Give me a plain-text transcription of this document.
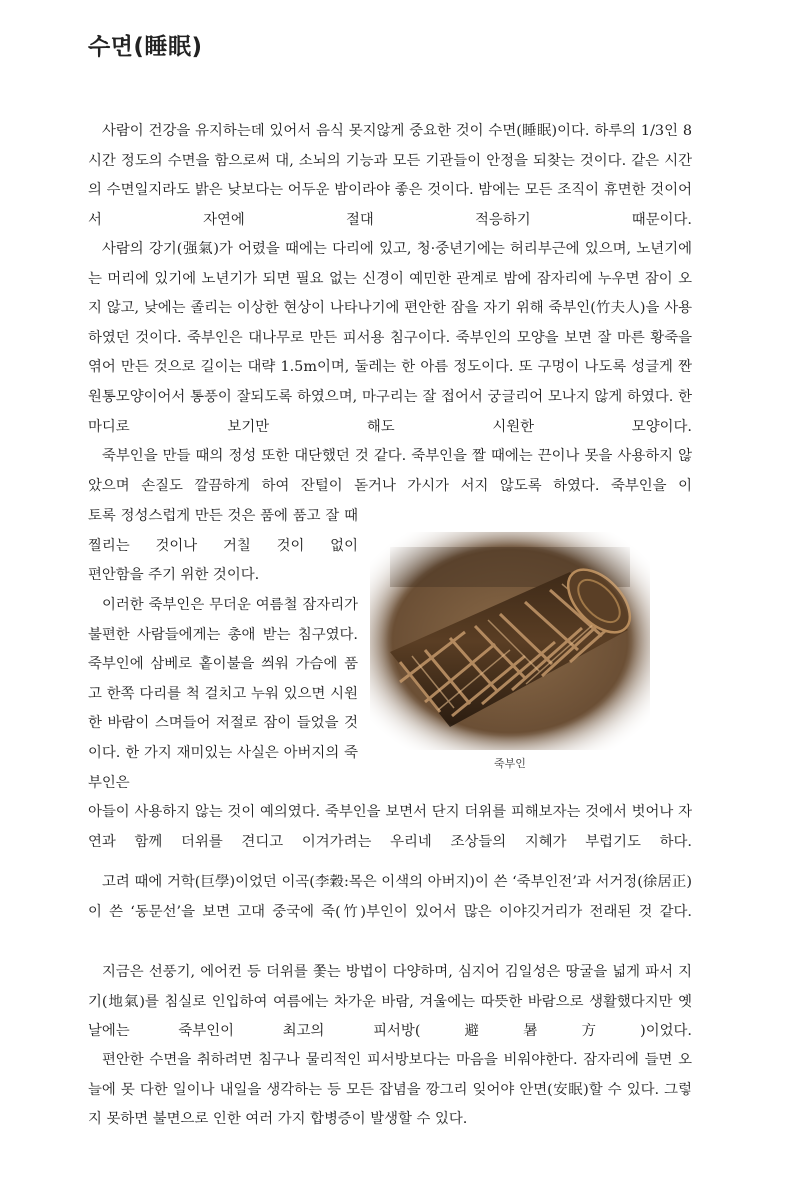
수면(睡眠)

사람이 건강을 유지하는데 있어서 음식 못지않게 중요한 것이 수면(睡眠)이다. 하루의 1/3인 8시간 정도의 수면을 함으로써 대, 소뇌의 기능과 모든 기관들이 안정을 되찾는 것이다. 같은 시간의 수면일지라도 밝은 낮보다는 어두운 밤이라야 좋은 것이다. 밤에는 모든 조직이 휴면한 것이어서 자연에 절대 적응하기 때문이다.

사람의 강기(强氣)가 어렸을 때에는 다리에 있고, 청·중년기에는 허리부근에 있으며, 노년기에는 머리에 있기에 노년기가 되면 필요 없는 신경이 예민한 관계로 밤에 잠자리에 누우면 잠이 오지 않고, 낮에는 졸리는 이상한 현상이 나타나기에 편안한 잠을 자기 위해 죽부인(竹夫人)을 사용하였던 것이다. 죽부인은 대나무로 만든 피서용 침구이다. 죽부인의 모양을 보면 잘 마른 황죽을 엮어 만든 것으로 길이는 대략 1.5m이며, 둘레는 한 아름 정도이다. 또 구멍이 나도록 성글게 짠 원통모양이어서 통풍이 잘되도록 하였으며, 마구리는 잘 접어서 궁글리어 모나지 않게 하였다. 한마디로 보기만 해도 시원한 모양이다.

죽부인을 만들 때의 정성 또한 대단했던 것 같다. 죽부인을 짤 때에는 끈이나 못을 사용하지 않았으며 손질도 깔끔하게 하여 잔털이 돋거나 가시가 서지 않도록 하였다. 죽부인을 이

토록 정성스럽게 만든 것은 품에 품고 잘 때 찔리는 것이나 거칠 것이 없이

편안함을 주기 위한 것이다.

이러한 죽부인은 무더운 여름철 잠자리가 불편한 사람들에게는 총애 받는 침구였다. 죽부인에 삼베로 홑이불을 씌워 가슴에 품고 한쪽 다리를 척 걸치고 누워 있으면 시원한 바람이 스며들어 저절로 잠이 들었을 것이다. 한 가지 재미있는 사실은 아버지의 죽부인은

죽부인

아들이 사용하지 않는 것이 예의였다. 죽부인을 보면서 단지 더위를 피해보자는 것에서 벗어나 자연과 함께 더위를 견디고 이겨가려는 우리네 조상들의 지혜가 부럽기도 하다.

고려 때에 거학(巨學)이었던 이곡(李穀:목은 이색의 아버지)이 쓴 ‘죽부인전’과 서거정(徐居正)이 쓴 ‘동문선’을 보면 고대 중국에 죽(竹)부인이 있어서 많은 이야깃거리가 전래된 것 같다.

지금은 선풍기, 에어컨 등 더위를 쫓는 방법이 다양하며, 심지어 김일성은 땅굴을 넓게 파서 지기(地氣)를 침실로 인입하여 여름에는 차가운 바람, 겨울에는 따뜻한 바람으로 생활했다지만 옛날에는 죽부인이 최고의 피서방(避暑方)이었다.

편안한 수면을 취하려면 침구나 물리적인 피서방보다는 마음을 비워야한다. 잠자리에 들면 오늘에 못 다한 일이나 내일을 생각하는 등 모든 잡념을 깡그리 잊어야 안면(安眠)할 수 있다. 그렇지 못하면 불면으로 인한 여러 가지 합병증이 발생할 수 있다.
